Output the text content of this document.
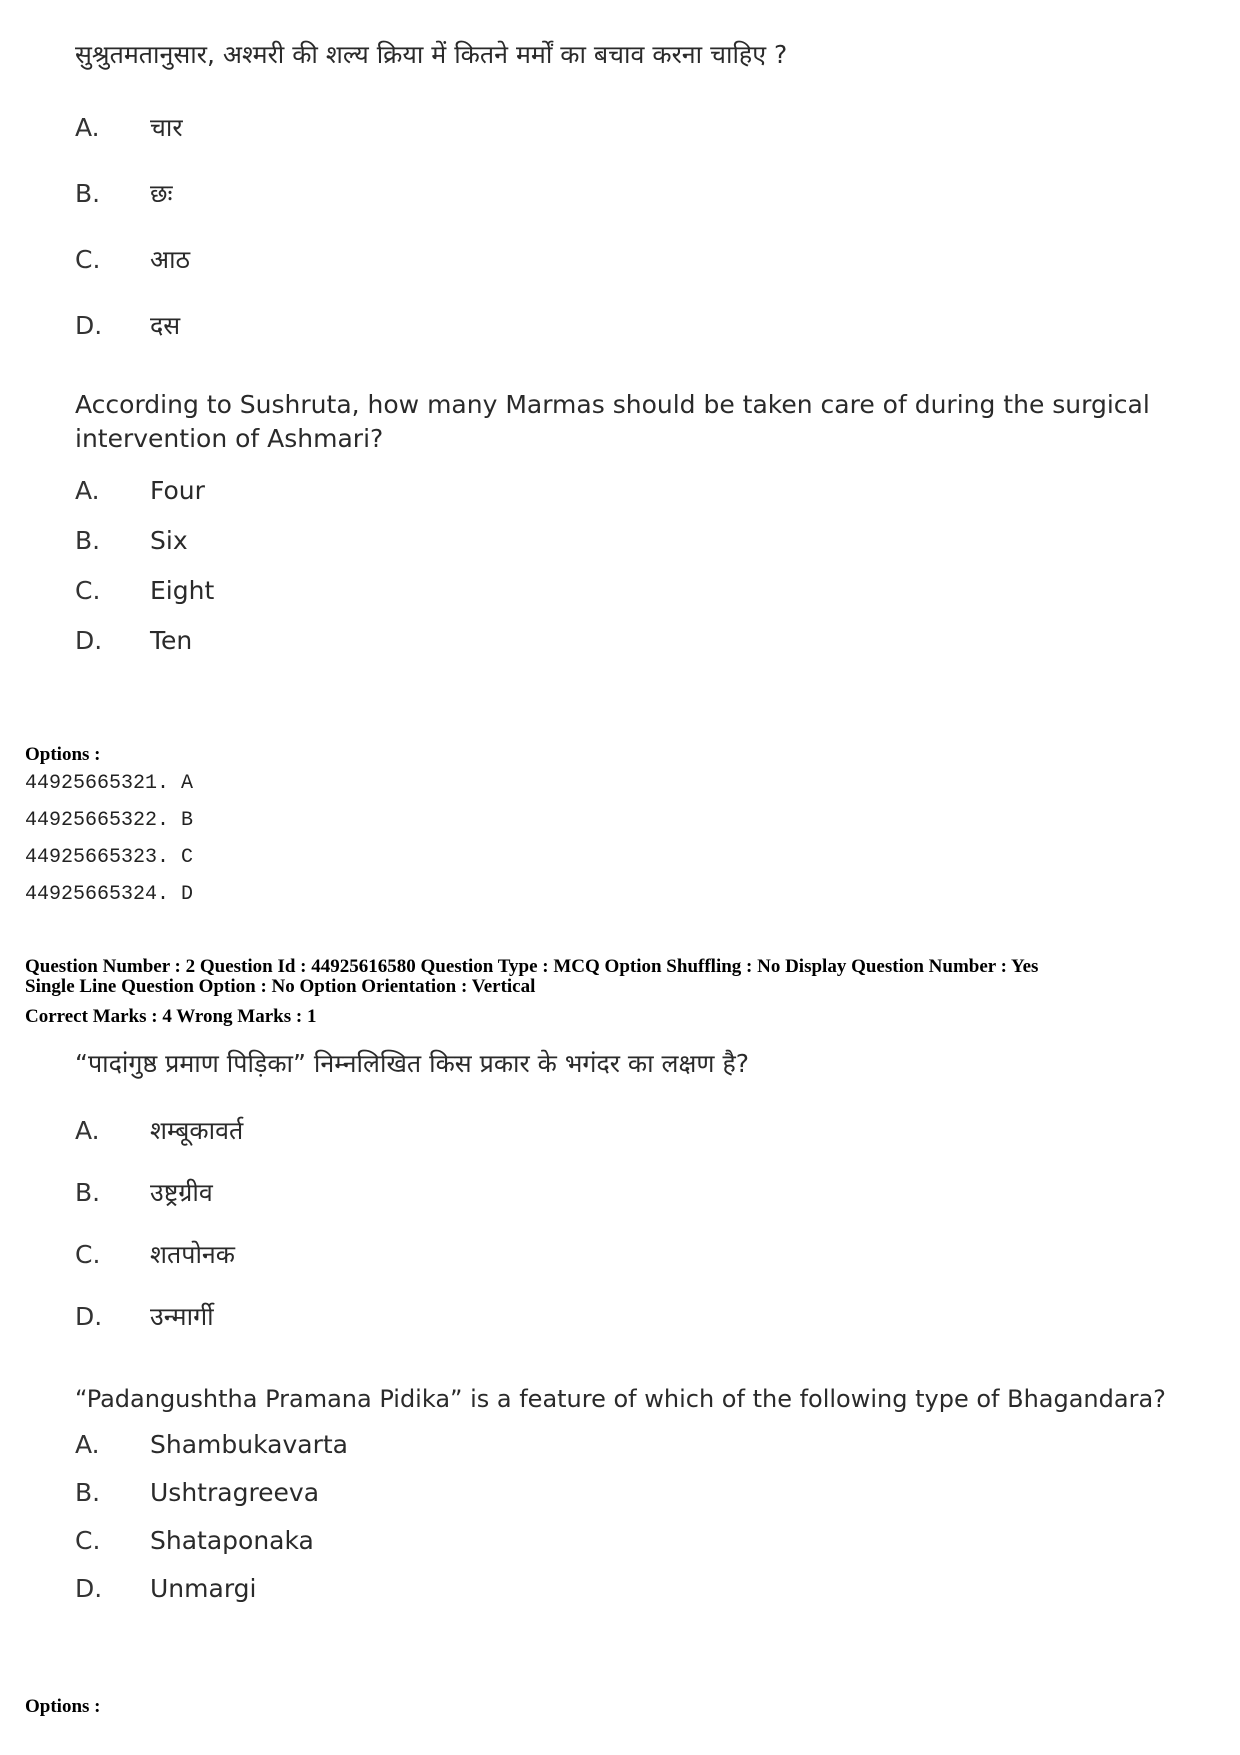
सुश्रुतमतानुसार, अश्मरी की शल्य क्रिया में कितने मर्मों का बचाव करना चाहिए ?

A.	चार
B.	छः
C.	आठ
D.	दस

According to Sushruta, how many Marmas should be taken care of during the surgical

intervention of Ashmari?

A.	Four
B.	Six
C.	Eight
D.	Ten
Options :
44925665321. A
44925665322. B
44925665323. C
44925665324. D
Question Number : 2 Question Id : 44925616580 Question Type : MCQ Option Shuffling : No Display Question Number : Yes
Single Line Question Option : No Option Orientation : Vertical
Correct Marks : 4 Wrong Marks : 1

“पादांगुष्ठ प्रमाण पिड़िका” निम्नलिखित किस प्रकार के भगंदर का लक्षण है?

A.	शम्बूकावर्त
B.	उष्ट्रग्रीव
C.	शतपोनक
D.	उन्मार्गी

“Padangushtha Pramana Pidika” is a feature of which of the following type of Bhagandara?

A.	Shambukavarta
B.	Ushtragreeva
C.	Shataponaka
D.	Unmargi
Options :
